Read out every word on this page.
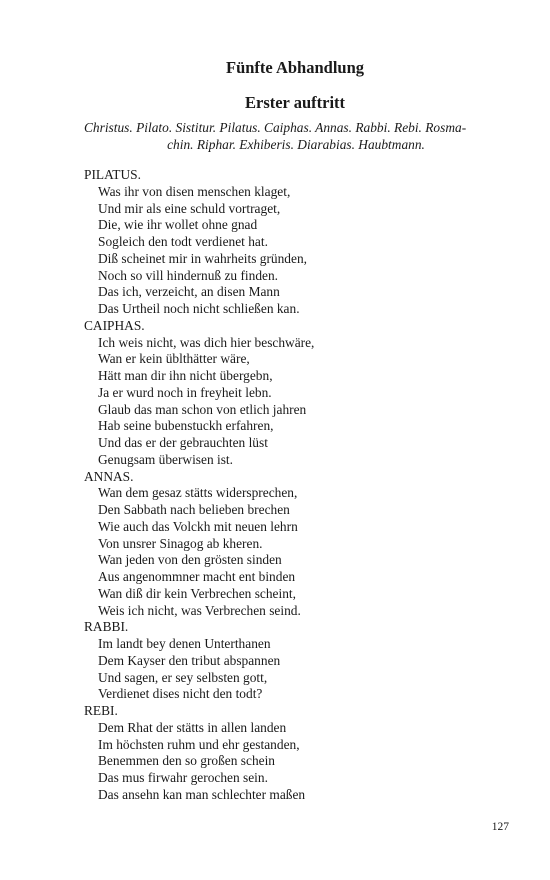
Fünfte Abhandlung
Erster auftritt

Christus. Pilato. Sistitur. Pilatus. Caiphas. Annas. Rabbi. Rebi. Rosma-
chin. Riphar. Exhiberis. Diarabias. Haubtmann.

PILATUS.
Was ihr von disen menschen klaget,
Und mir als eine schuld vortraget,
Die, wie ihr wollet ohne gnad
Sogleich den todt verdienet hat.
Diß scheinet mir in wahrheits gründen,
Noch so vill hindernuß zu finden.
Das ich, verzeicht, an disen Mann
Das Urtheil noch nicht schließen kan.
CAIPHAS.
Ich weis nicht, was dich hier beschwäre,
Wan er kein üblthätter wäre,
Hätt man dir ihn nicht übergebn,
Ja er wurd noch in freyheit lebn.
Glaub das man schon von etlich jahren
Hab seine bubenstuckh erfahren,
Und das er der gebrauchten lüst
Genugsam überwisen ist.
ANNAS.
Wan dem gesaz stätts widersprechen,
Den Sabbath nach belieben brechen
Wie auch das Volckh mit neuen lehrn
Von unsrer Sinagog ab kheren.
Wan jeden von den grösten sinden
Aus angenommner macht ent binden
Wan diß dir kein Verbrechen scheint,
Weis ich nicht, was Verbrechen seind.
RABBI.
Im landt bey denen Unterthanen
Dem Kayser den tribut abspannen
Und sagen, er sey selbsten gott,
Verdienet dises nicht den todt?
REBI.
Dem Rhat der stätts in allen landen
Im höchsten ruhm und ehr gestanden,
Benemmen den so großen schein
Das mus firwahr gerochen sein.
Das ansehn kan man schlechter maßen
127
